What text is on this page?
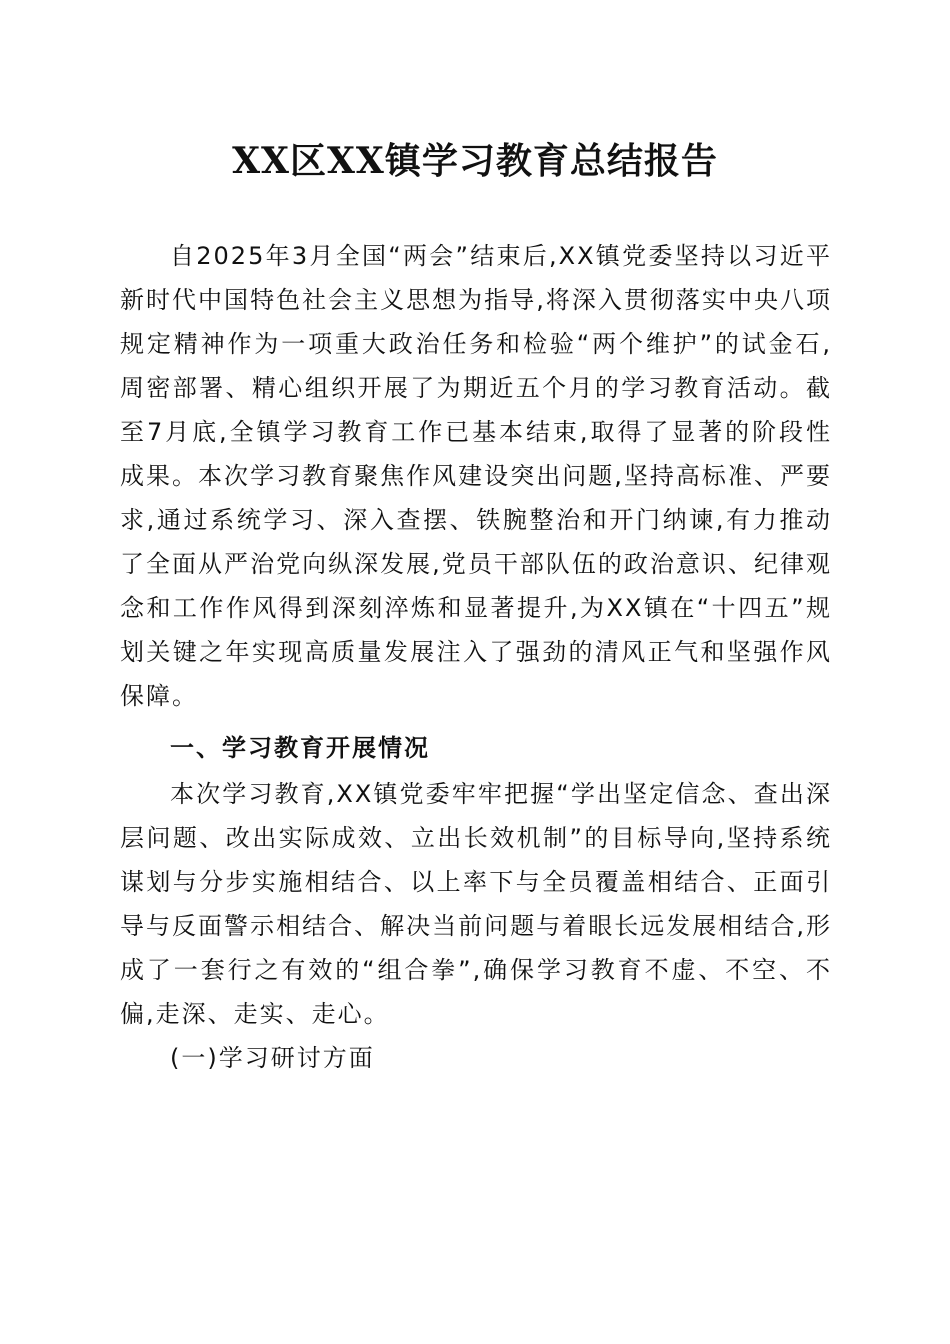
XX区XX镇学习教育总结报告

自2025年3月全国“两会”结束后,XX镇党委坚持以习近平新时代中国特色社会主义思想为指导,将深入贯彻落实中央八项规定精神作为一项重大政治任务和检验“两个维护”的试金石,周密部署、精心组织开展了为期近五个月的学习教育活动。截至7月底,全镇学习教育工作已基本结束,取得了显著的阶段性成果。本次学习教育聚焦作风建设突出问题,坚持高标准、严要求,通过系统学习、深入查摆、铁腕整治和开门纳谏,有力推动了全面从严治党向纵深发展,党员干部队伍的政治意识、纪律观念和工作作风得到深刻淬炼和显著提升,为XX镇在“十四五”规划关键之年实现高质量发展注入了强劲的清风正气和坚强作风保障。

一、学习教育开展情况

本次学习教育,XX镇党委牢牢把握“学出坚定信念、查出深层问题、改出实际成效、立出长效机制”的目标导向,坚持系统谋划与分步实施相结合、以上率下与全员覆盖相结合、正面引导与反面警示相结合、解决当前问题与着眼长远发展相结合,形成了一套行之有效的“组合拳”,确保学习教育不虚、不空、不偏,走深、走实、走心。

(一)学习研讨方面
